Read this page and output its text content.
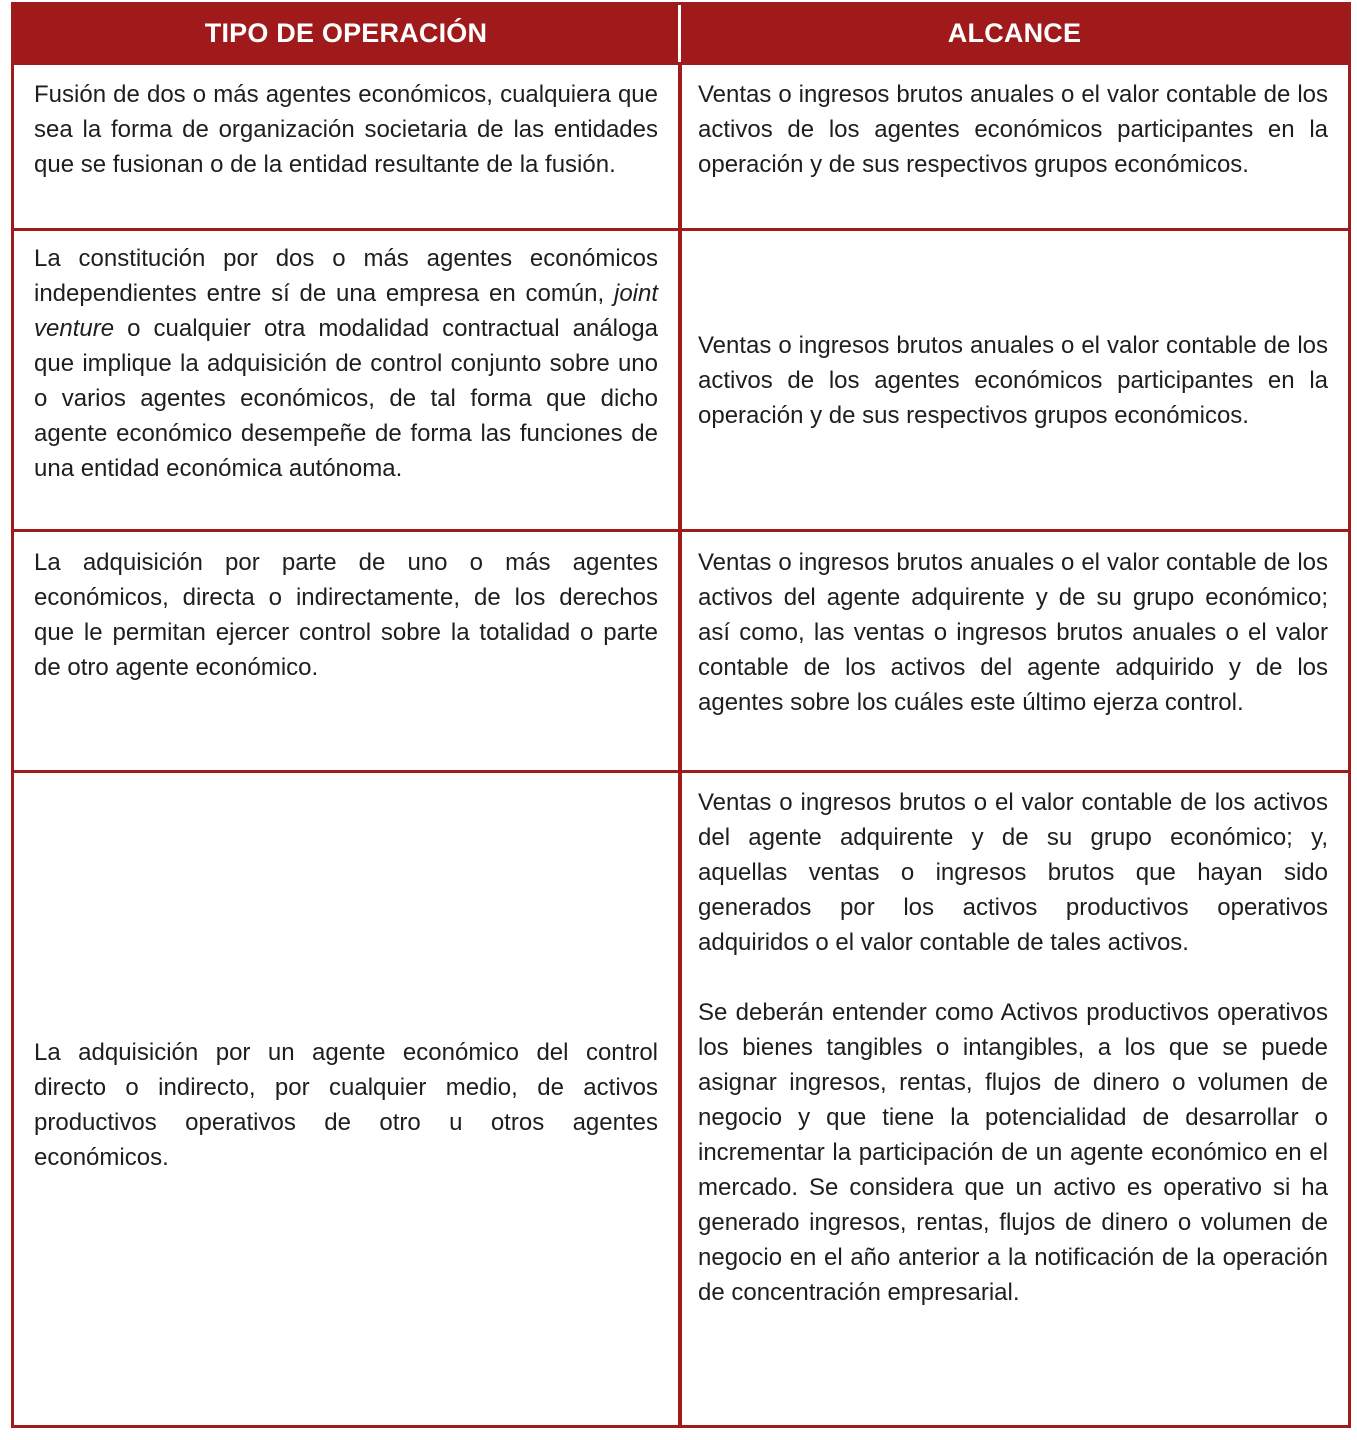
TIPO DE OPERACIÓN	ALCANCE

Fusión de dos o más agentes económicos, cualquiera que sea la forma de organización societaria de las entidades que se fusionan o de la entidad resultante de la fusión.

Ventas o ingresos brutos anuales o el valor contable de los activos de los agentes económicos participantes en la operación y de sus respectivos grupos económicos.

La constitución por dos o más agentes económicos independientes entre sí de una empresa en común, joint venture o cualquier otra modalidad contractual análoga que implique la adquisición de control conjunto sobre uno o varios agentes económicos, de tal forma que dicho agente económico desempeñe de forma las funciones de una entidad económica autónoma.

Ventas o ingresos brutos anuales o el valor contable de los activos de los agentes económicos participantes en la operación y de sus respectivos grupos económicos.

La adquisición por parte de uno o más agentes económicos, directa o indirectamente, de los derechos que le permitan ejercer control sobre la totalidad o parte de otro agente económico.

Ventas o ingresos brutos anuales o el valor contable de los activos del agente adquirente y de su grupo económico; así como, las ventas o ingresos brutos anuales o el valor contable de los activos del agente adquirido y de los agentes sobre los cuáles este último ejerza control.

La adquisición por un agente económico del control directo o indirecto, por cualquier medio, de activos productivos operativos de otro u otros agentes económicos.

Ventas o ingresos brutos o el valor contable de los activos del agente adquirente y de su grupo económico; y, aquellas ventas o ingresos brutos que hayan sido generados por los activos productivos operativos adquiridos o el valor contable de tales activos.

Se deberán entender como Activos productivos operativos los bienes tangibles o intangibles, a los que se puede asignar ingresos, rentas, flujos de dinero o volumen de negocio y que tiene la potencialidad de desarrollar o incrementar la participación de un agente económico en el mercado. Se considera que un activo es operativo si ha generado ingresos, rentas, flujos de dinero o volumen de negocio en el año anterior a la notificación de la operación de concentración empresarial.
